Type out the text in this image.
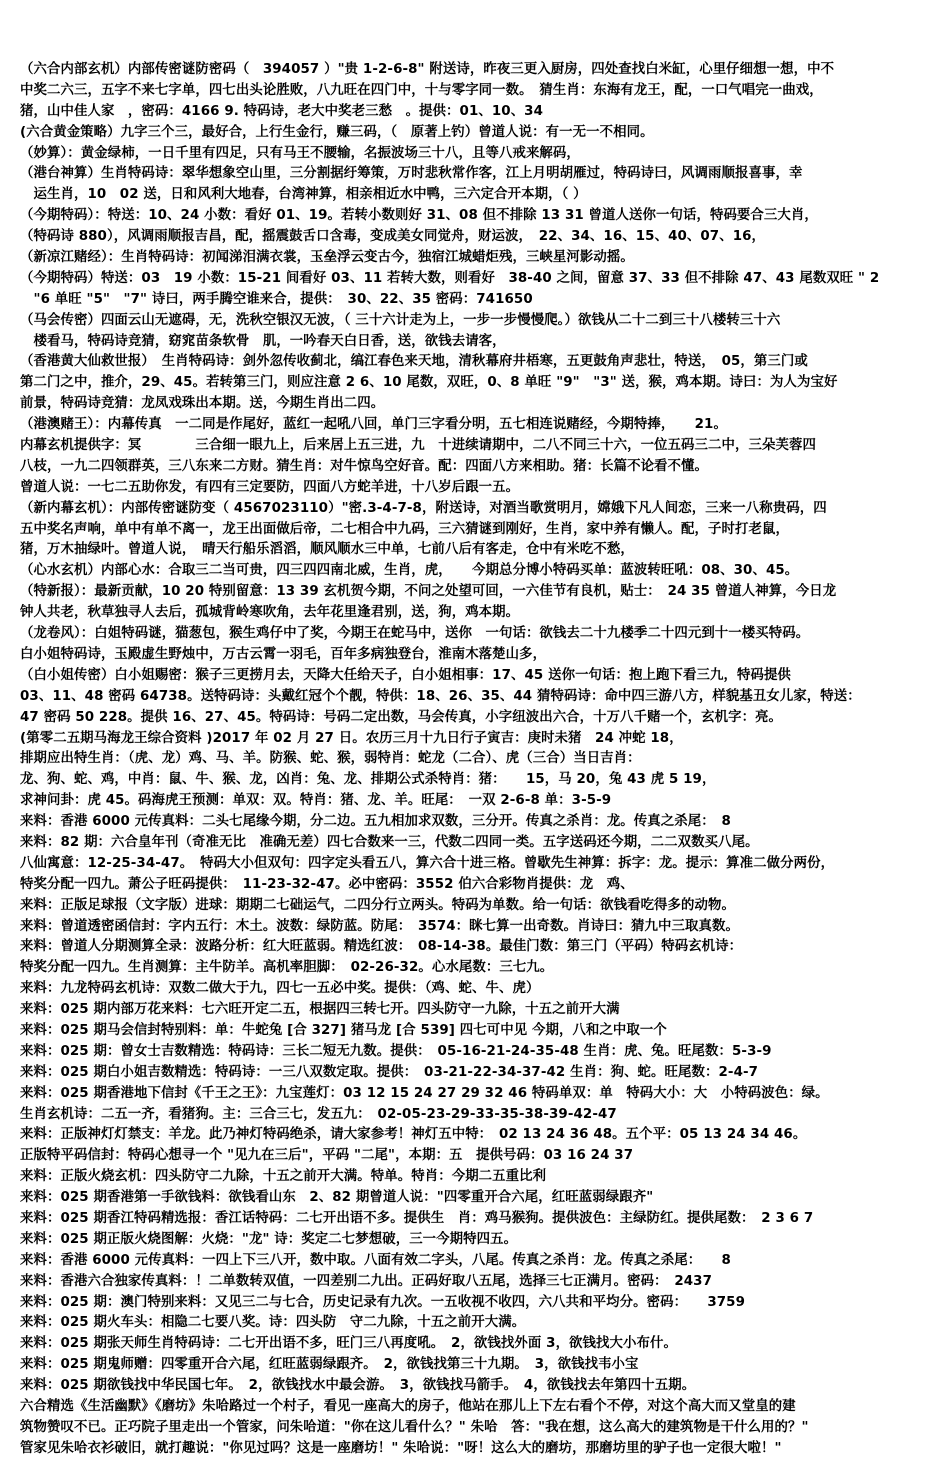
（六合内部玄机）内部传密谜防密码（　394057 ）"贵 1-2-6-8" 附送诗，昨夜三更入厨房，四处查找白米缸，心里仔细想一想，中不
中奖二六三，五字不来七字单，四七出头论胜败，八九旺在四门中，十与零字同一数。　猜生肖：东海有龙王，配，一口气唱完一曲戏，
猪，山中佳人家　，密码：4166 9. 特码诗，老大中奖老三愁　。提供：01、10、34
(六合黄金策略）九字三个三，最好合，上行生金行，赚三码，（　原著上钓）曾道人说：有一无一不相同。
（妙算）：黄金绿柿，一日千里有四足，只有马王不腰输，名振波场三十八，且等八戒来解码，
（港台神算）生肖特码诗：翠华想象空山里，三分割据纡筹策，万时悲秋常作客，江上月明胡雁过，特码诗曰，风调雨顺报喜事，幸
　运生肖，10　02 送，日和风利大地春，台湾神算，相亲相近水中鸭，三六定合开本期，（ ）
（今期特码）：特送：10、24 小数：看好 01、19。若转小数则好 31、08 但不排除 13 31 曾道人送你一句话，特码要合三大肖，
（特码诗 880），风调雨顺报吉昌，配，摇震鼓舌口含毒，变成美女同觉舟，财运波，　22、34、16、15、40、07、16，
（新凉江赌经）：生肖特码诗：初闻涕泪满衣裳，玉垒浮云变古今，独宿江城蜡炬残，三峡星河影动摇。
（今期特码）特送：03　19 小数：15-21 间看好 03、11 若转大数，则看好　38-40 之间，留意 37、33 但不排除 47、43 尾数双旺 " 2
　"6 单旺 "5"　"7" 诗曰，两手腾空谁来合，提供：　30、22、35 密码：741650
（马会传密）四面云山无遮碍，无，洗秋空银汉无波，（ 三十六计走为上，一步一步慢慢爬。）欲钱从二十二到三十八楼转三十六
　楼看马，特码诗竞猜，窈窕苗条软骨　肌，一吟春天白日香，送，欲钱去请客，
（香港黄大仙救世报）　生肖特码诗：剑外忽传收蓟北，缟江春色来天地，清秋幕府井梧寒，五更鼓角声悲壮，特送，　05，第三门或
第二门之中，推介，29、45。若转第三门，则应注意 2 6、10 尾数，双旺，0、8 单旺 "9"　"3" 送，猴，鸡本期。诗曰：为人为宝好
前景，特码诗竞猜：龙凤戏珠出本期。送，今期生肖出二四。
（港澳赌王）：内幕传真　一二同是作尾好，蓝红一起吼八回，单门三字看分明，五七相连说赌经，今期特捧，　　21。
内幕玄机提供字：冥　　　　三合细一眼九上，后来居上五三进，九　十进续请期中，二八不同三十六，一位五码三二中，三朵芙蓉四
八枝，一九二四领群英，三八东来二方财。猜生肖：对牛惊鸟空好音。配：四面八方来相助。猪：长篇不论看不懂。
曾道人说：一七二五助你发，有四有三定要防，四面八方蛇羊进，十八岁后跟一五。
（新内幕玄机）：内部传密谜防变（ 4567023110）"密.3-4-7-8，附送诗，对酒当歌赏明月，嫦娥下凡人间恋，三来一八称贵码，四
五中奖名声响，单中有单不离一，龙王出面做后帝，二七相合中九码，三六猜谜到刚好，生肖，家中养有懒人。配，子时打老鼠，
猪，万木抽绿叶。曾道人说，　晴天行船乐滔滔，顺风顺水三中单，七前八后有客走，仓中有米吃不愁，
（心水玄机）内部心水：合取三二当可贵，四三四四南北威，生肖，虎，　　今期总分博小特码买单：蓝波转旺吼：08、30、45。
（特新报）：最新贡献，10 20 特别留意：13 39 玄机贺今期，不问之处望可回，一六佳节有良机，贴士：　24 35 曾道人神算，今日龙
钟人共老，秋草独寻人去后，孤城背岭寒吹角，去年花里逢君别，送，狗，鸡本期。
（龙卷风）：白姐特码谜，猫葱包，猴生鸡仔中了奖，今期王在蛇马中，送你　一句话：欲钱去二十九楼季二十四元到十一楼买特码。
白小姐特码诗，玉殿虚生野烛中，万古云霄一羽毛，百年多病独登台，淮南木落楚山多，
（白小姐传密）白小姐赐密：猴子三更捞月去，天降大任给天子，白小姐相事：17、45 送你一句话：抱上跑下看三九，特码提供
03、11、48 密码 64738。送特码诗：头戴红冠个个靓，特供：18、26、35、44 猜特码诗：命中四三游八方，样貌基丑女儿家，特送：
47 密码 50 228。提供 16、27、45。特码诗：号码二定出数，马会传真，小字纽波出六合，十万八千赌一个，玄机字：亮。
(第零二五期马海龙王综合资料 )2017 年 02 月 27 日。农历三月十九日行子寅吉：庚时未猪　24 冲蛇 18，
排期应出特生肖：（虎、龙）鸡、马、羊。防猴、蛇、猴，弱特肖：蛇龙（二合）、虎（三合）当日吉肖：
龙、狗、蛇、鸡，中肖：鼠、牛、猴、龙，凶肖：兔、龙、排期公式杀特肖：猪：　　15，马 20，兔 43 虎 5 19，
求神问卦：虎 45。码海虎王预测：单双：双。特肖：猪、龙、羊。旺尾：　一双 2-6-8 单：3-5-9
来料：香港 6000 元传真料：二头七尾缘今期，分二边。五九相加求双数，三分开。传真之杀肖：龙。传真之杀尾：　8
来料：82 期：六合皇年刊（奇准无比　准确无差）四七合数来一三，代数二四同一类。五字送码还今期，二二双数买八尾。
八仙寓意：12-25-34-47。　特码大小但双句：四字定头看五八，算六合十进三格。曾歇先生神算：拆字：龙。提示：算准二做分两份，
特奖分配一四九。萧公子旺码提供：　11-23-32-47。必中密码：3552 伯六合彩物肖提供：龙　鸡、
来料：正版足球报（文字版）进球：期期二七础运气，二四分行立两头。特码为单数。给一句话：欲钱看吃得多的动物。
来料：曾道透密函信封：字内五行：木土。波数：绿防蓝。防尾：　3574：眯七算一出奇数。肖诗曰：猜九中三取真数。
来料：曾道人分期测算全录：波路分析：红大旺蓝弱。精选红波：　08-14-38。最佳门数：第三门（平码）特码玄机诗：
特奖分配一四九。生肖测算：主牛防羊。高机率胆脚：　02-26-32。心水尾数：三七九。
来料：九龙特码玄机诗：双数二做大于九，四七一五必中奖。提供：（鸡、蛇、牛、虎）
来料：025 期内部万花来料：七六旺开定二五，根据四三转七开。四头防守一九除，十五之前开大满
来料：025 期马会信封特别料：单：牛蛇兔 [合 327] 猪马龙 [合 539] 四七可中见 今期，八和之中取一个
来料：025 期：曾女士吉数精选：特码诗：三长二短无九数。提供：　05-16-21-24-35-48 生肖：虎、兔。旺尾数：5-3-9
来料：025 期白小姐吉数精选：特码诗：一三八双数定取。提供：　03-21-22-34-37-42 生肖：狗、蛇。旺尾数：2-4-7
来料：025 期香港地下信封《千王之王》：九宝莲灯：03 12 15 24 27 29 32 46 特码单双：单　特码大小：大　小特码波色：绿。
生肖玄机诗：二五一齐，看猪狗。主：三合三七，发五九：　02-05-23-29-33-35-38-39-42-47
来料：正版神灯灯禁支：羊龙。此乃神灯特码绝杀，请大家参考！神灯五中特：　02 13 24 36 48。五个平：05 13 24 34 46。
正版特平码信封：特码心想寻一个 "见九在三后"，平码 "二尾"，本期：五　提供号码：03 16 24 37
来料：正版火烧玄机：四头防守二九除，十五之前开大满。特单。特肖：今期二五重比利
来料：025 期香港第一手欲钱料：欲钱看山东　2、82 期曾道人说："四零重开合六尾，红旺蓝弱绿跟齐"
来料：025 期香江特码精选报：香江话特码：二七开出语不多。提供生　肖：鸡马猴狗。提供波色：主绿防红。提供尾数：　2 3 6 7
来料：025 期正版火烧图解：火烧："龙" 诗：奖定二七梦想破，三一今期特四五。
来料：香港 6000 元传真料：一四上下三八开，数中取。八面有效二字头，八尾。传真之杀肖：龙。传真之杀尾：　　8
来料：香港六合独家传真料：！二单数转双值，一四差别二九出。正码好取八五尾，选择三七正满月。密码：　2437
来料：025 期：澳门特别来料：又见三二与七合，历史记录有九次。一五收视不收四，六八共和平均分。密码：　　3759
来料：025 期火车头：相隐二七要八奖。诗：四头防　守二九除，十五之前开大满。
来料：025 期张天师生肖特码诗：二七开出语不多，旺门三八再度吼。　2，欲钱找外面 3，欲钱找大小布什。
来料：025 期鬼师赠：四零重开合六尾，红旺蓝弱绿跟齐。　2，欲钱找第三十九期。　3，欲钱找韦小宝
来料：025 期欲钱找中华民国七年。　2，欲钱找水中最会游。　3，欲钱找马箭手。　4，欲钱找去年第四十五期。
六合精选《生活幽默》《磨坊》朱哈路过一个村子，看见一座高大的房子，他站在那儿上下左右看个不停，对这个高大而又堂皇的建
筑物赞叹不已。正巧院子里走出一个管家，问朱哈道："你在这儿看什么？" 朱哈　答："我在想，这么高大的建筑物是干什么用的？"
管家见朱哈衣衫破旧，就打趣说："你见过吗？这是一座磨坊！" 朱哈说："呀！这么大的磨坊，那磨坊里的驴子也一定很大啦！"
